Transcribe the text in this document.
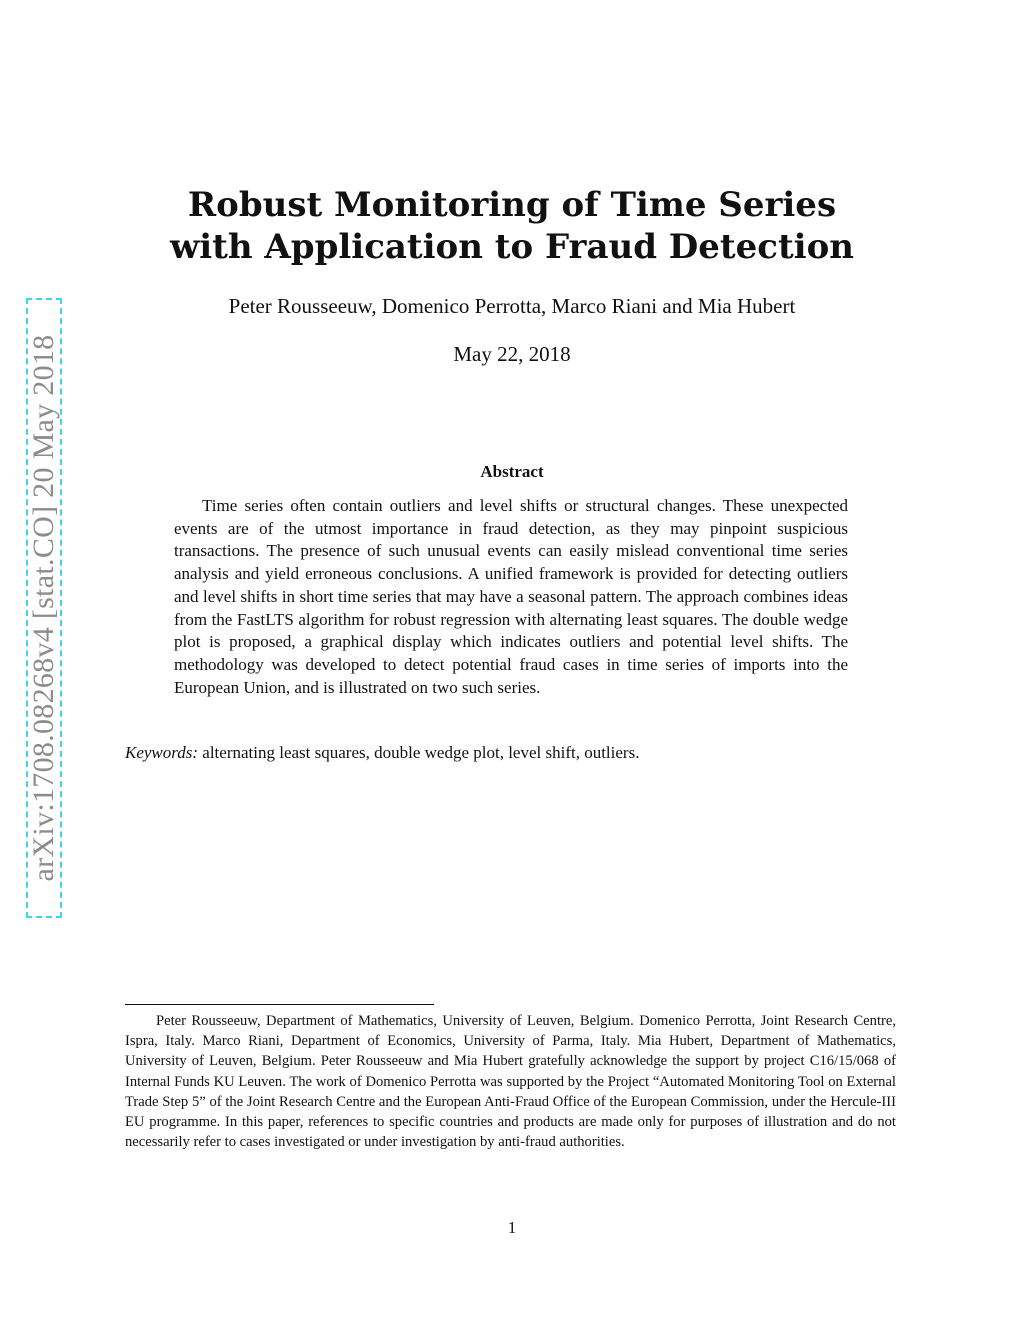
arXiv:1708.08268v4 [stat.CO] 20 May 2018
Robust Monitoring of Time Series
with Application to Fraud Detection
Peter Rousseeuw, Domenico Perrotta, Marco Riani and Mia Hubert
May 22, 2018
Abstract

Time series often contain outliers and level shifts or structural changes. These unexpected events are of the utmost importance in fraud detection, as they may pinpoint suspicious transactions. The presence of such unusual events can easily mislead conventional time series analysis and yield erroneous conclusions. A unified framework is provided for detecting outliers and level shifts in short time series that may have a seasonal pattern. The approach combines ideas from the FastLTS algorithm for robust regression with alternating least squares. The double wedge plot is proposed, a graphical display which indicates outliers and potential level shifts. The methodology was developed to detect potential fraud cases in time series of imports into the European Union, and is illustrated on two such series.

Keywords: alternating least squares, double wedge plot, level shift, outliers.

Peter Rousseeuw, Department of Mathematics, University of Leuven, Belgium. Domenico Perrotta, Joint Research Centre, Ispra, Italy. Marco Riani, Department of Economics, University of Parma, Italy. Mia Hubert, Department of Mathematics, University of Leuven, Belgium. Peter Rousseeuw and Mia Hubert gratefully acknowledge the support by project C16/15/068 of Internal Funds KU Leuven. The work of Domenico Perrotta was supported by the Project “Automated Monitoring Tool on External Trade Step 5” of the Joint Research Centre and the European Anti-Fraud Office of the European Commission, under the Hercule-III EU programme. In this paper, references to specific countries and products are made only for purposes of illustration and do not necessarily refer to cases investigated or under investigation by anti-fraud authorities.

1
